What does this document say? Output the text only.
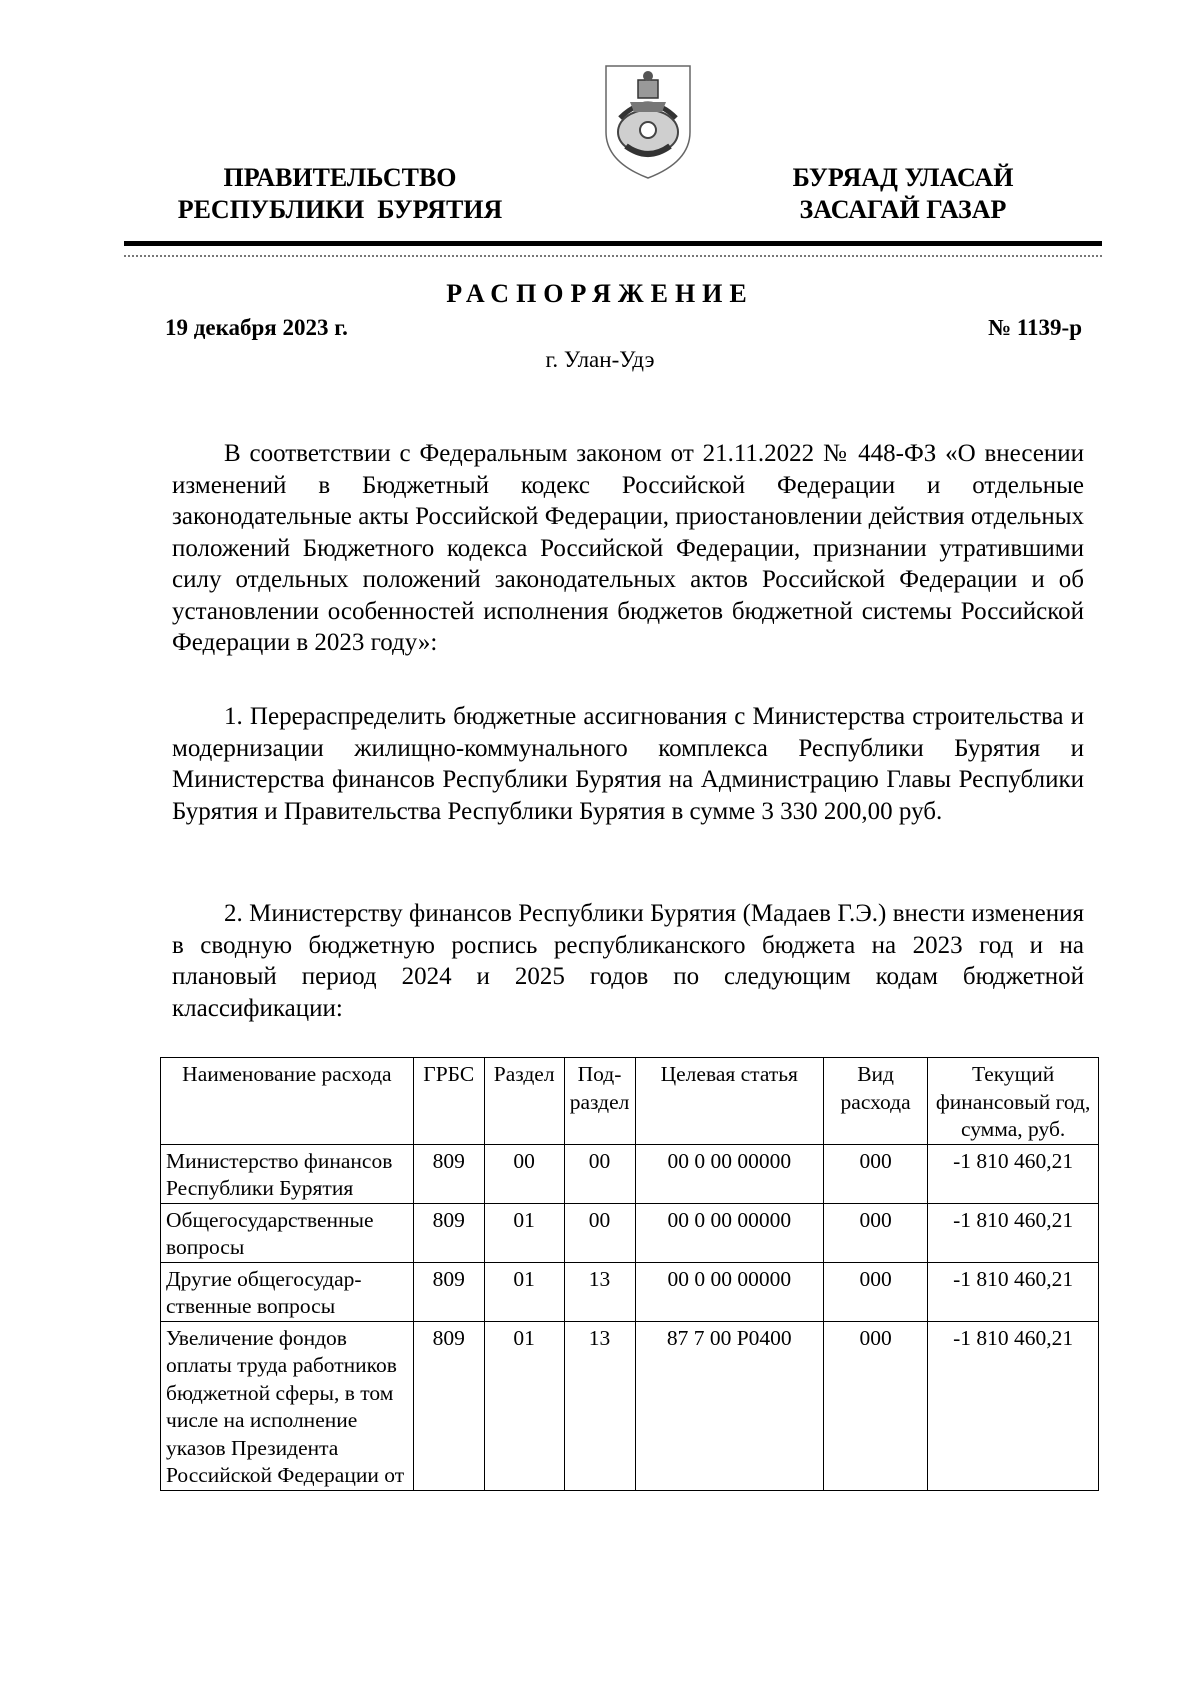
ПРАВИТЕЛЬСТВО
РЕСПУБЛИКИ  БУРЯТИЯ
БУРЯАД УЛАСАЙ
ЗАСАГАЙ ГАЗАР
РАСПОРЯЖЕНИЕ
19 декабря 2023 г.	№ 1139-р
г. Улан-Удэ

В соответствии с Федеральным законом от 21.11.2022 № 448-ФЗ «О внесении изменений в Бюджетный кодекс Российской Федерации и отдельные законодательные акты Российской Федерации, приостановлении действия отдельных положений Бюджетного кодекса Российской Федерации, признании утратившими силу отдельных положений законодательных актов Российской Федерации и об установлении особенностей исполнения бюджетов бюджетной системы Российской Федерации в 2023 году»:

1. Перераспределить бюджетные ассигнования с Министерства строительства и модернизации жилищно-коммунального комплекса Республики Бурятия и Министерства финансов Республики Бурятия на Администрацию Главы Республики Бурятия и Правительства Республики Бурятия в сумме 3 330 200,00 руб.

2. Министерству финансов Республики Бурятия (Мадаев Г.Э.) внести изменения в сводную бюджетную роспись республиканского бюджета на 2023 год и на плановый период 2024 и 2025 годов по следующим кодам бюджетной классификации:

Наименование расхода	ГРБС	Раздел	Подраздел	Целевая статья	Вид расхода	Текущий финансовый год, сумма, руб.
Министерство финансов Республики Бурятия	809	00	00	00 0 00 00000	000	-1 810 460,21
Общегосударственные вопросы	809	01	00	00 0 00 00000	000	-1 810 460,21
Другие общегосударственные вопросы	809	01	13	00 0 00 00000	000	-1 810 460,21
Увеличение фондов оплаты труда работников бюджетной сферы, в том числе на исполнение указов Президента Российской Федерации от	809	01	13	87 7 00 Р0400	000	-1 810 460,21
